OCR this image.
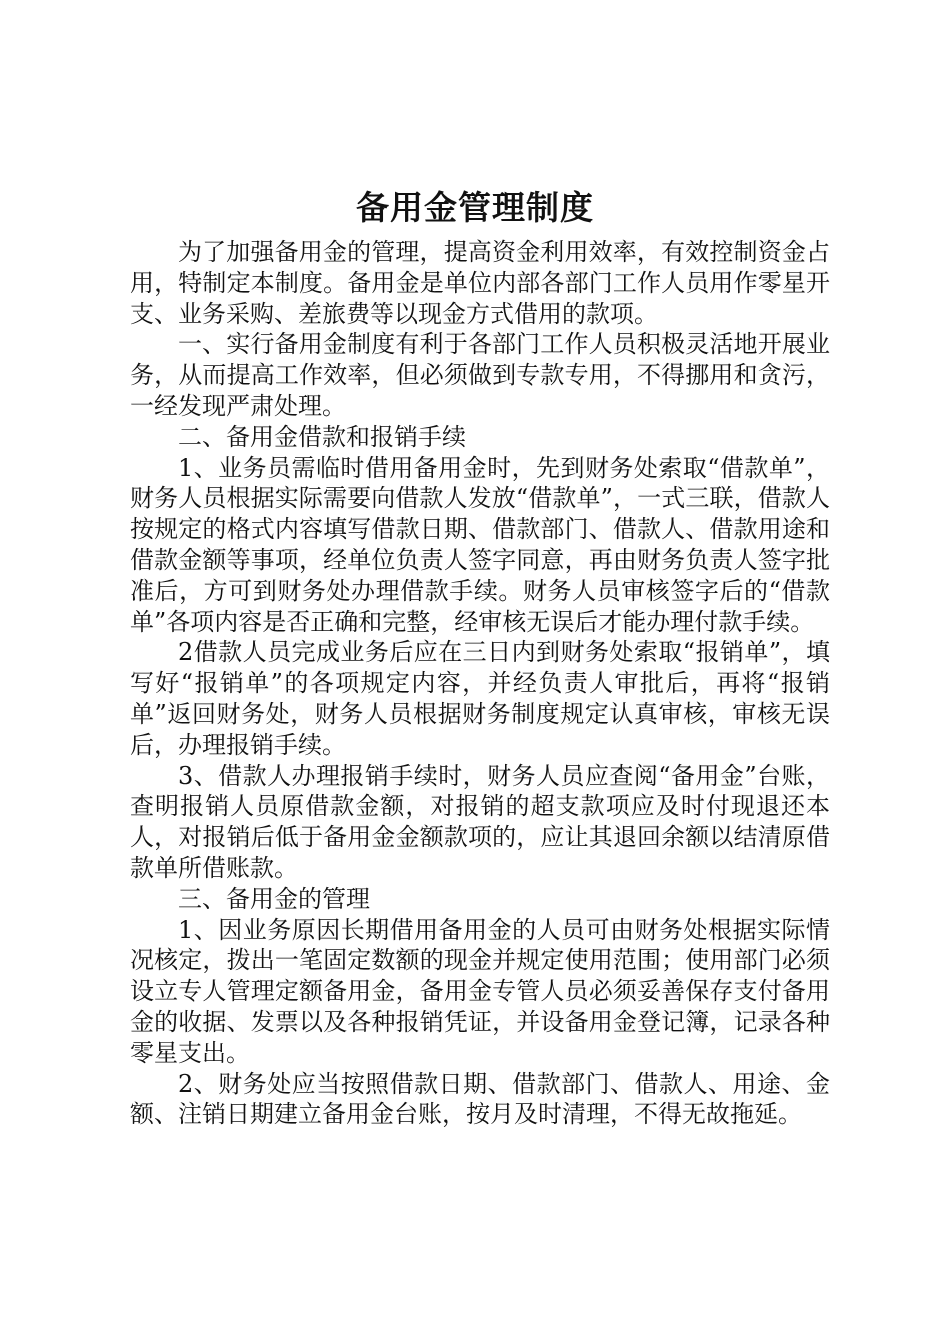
备用金管理制度

为了加强备用金的管理，提高资金利用效率，有效控制资金占用，特制定本制度。备用金是单位内部各部门工作人员用作零星开支、业务采购、差旅费等以现金方式借用的款项。

一、实行备用金制度有利于各部门工作人员积极灵活地开展业务，从而提高工作效率，但必须做到专款专用，不得挪用和贪污，一经发现严肃处理。

二、备用金借款和报销手续

1、业务员需临时借用备用金时，先到财务处索取“借款单”，财务人员根据实际需要向借款人发放“借款单”，一式三联，借款人按规定的格式内容填写借款日期、借款部门、借款人、借款用途和借款金额等事项，经单位负责人签字同意，再由财务负责人签字批准后，方可到财务处办理借款手续。财务人员审核签字后的“借款单”各项内容是否正确和完整，经审核无误后才能办理付款手续。

2借款人员完成业务后应在三日内到财务处索取“报销单”，填写好“报销单”的各项规定内容，并经负责人审批后，再将“报销单”返回财务处，财务人员根据财务制度规定认真审核，审核无误后，办理报销手续。

3、借款人办理报销手续时，财务人员应查阅“备用金”台账，查明报销人员原借款金额，对报销的超支款项应及时付现退还本人，对报销后低于备用金金额款项的，应让其退回余额以结清原借款单所借账款。

三、备用金的管理

1、因业务原因长期借用备用金的人员可由财务处根据实际情况核定，拨出一笔固定数额的现金并规定使用范围；使用部门必须设立专人管理定额备用金，备用金专管人员必须妥善保存支付备用金的收据、发票以及各种报销凭证，并设备用金登记簿，记录各种零星支出。

2、财务处应当按照借款日期、借款部门、借款人、用途、金额、注销日期建立备用金台账，按月及时清理，不得无故拖延。
